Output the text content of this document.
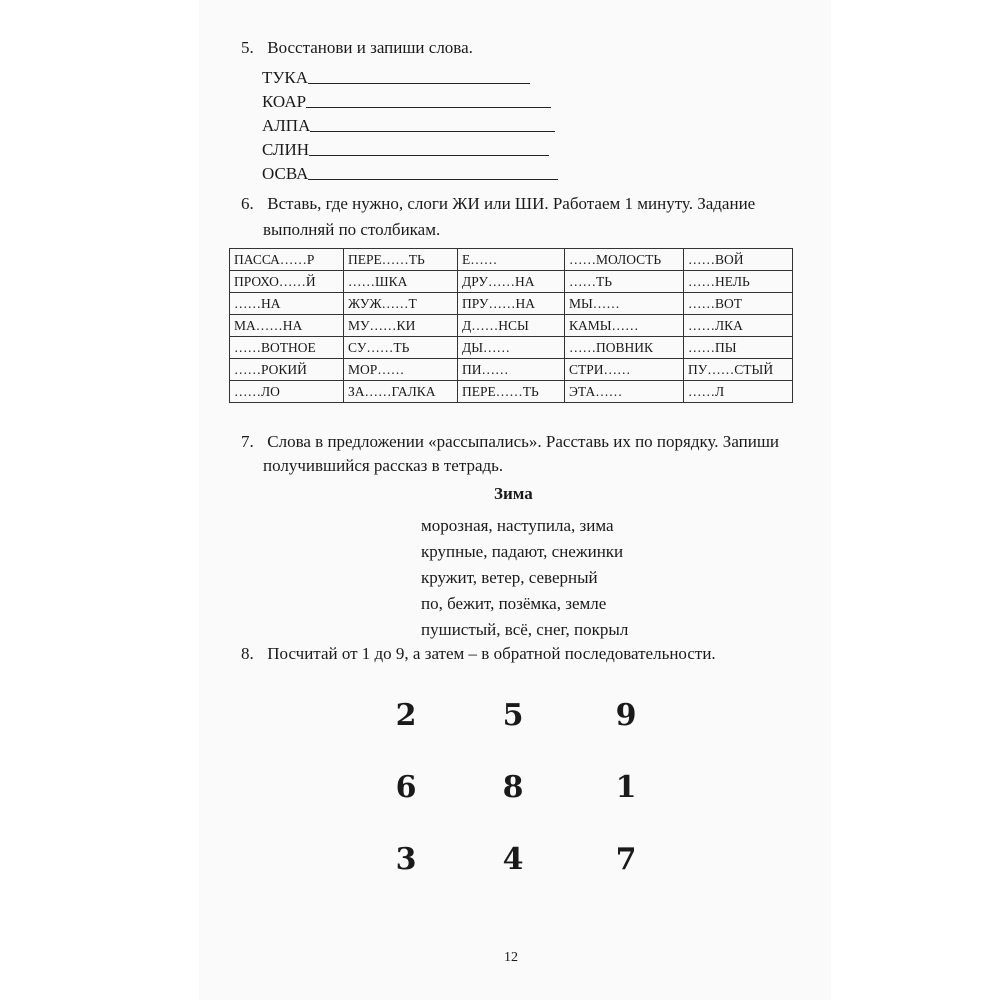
5. Восстанови и запиши слова.
ТУКА
КОАР
АЛПА
СЛИН
ОСВА
6. Вставь, где нужно, слоги ЖИ или ШИ. Работаем 1 минуту. Задание
выполняй по столбикам.
ПАССА……Р	ПЕРЕ……ТЬ	Е……	……МОЛОСТЬ	……ВОЙ
ПРОХО……Й	……ШКА	ДРУ……НА	……ТЬ	……НЕЛЬ
……НА	ЖУЖ……Т	ПРУ……НА	МЫ……	……ВОТ
МА……НА	МУ……КИ	Д……НСЫ	КАМЫ……	……ЛКА
……ВОТНОЕ	СУ……ТЬ	ДЫ……	……ПОВНИК	……ПЫ
……РОКИЙ	МОР……	ПИ……	СТРИ……	ПУ……СТЫЙ
……ЛО	ЗА……ГАЛКА	ПЕРЕ……ТЬ	ЭТА……	……Л
7. Слова в предложении «рассыпались». Расставь их по порядку. Запиши
получившийся рассказ в тетрадь.
Зима
морозная, наступила, зима
крупные, падают, снежинки
кружит, ветер, северный
по, бежит, позёмка, земле
пушистый, всё, снег, покрыл
8. Посчитай от 1 до 9, а затем – в обратной последовательности.
2	5	9
6	8	1
3	4	7
12
